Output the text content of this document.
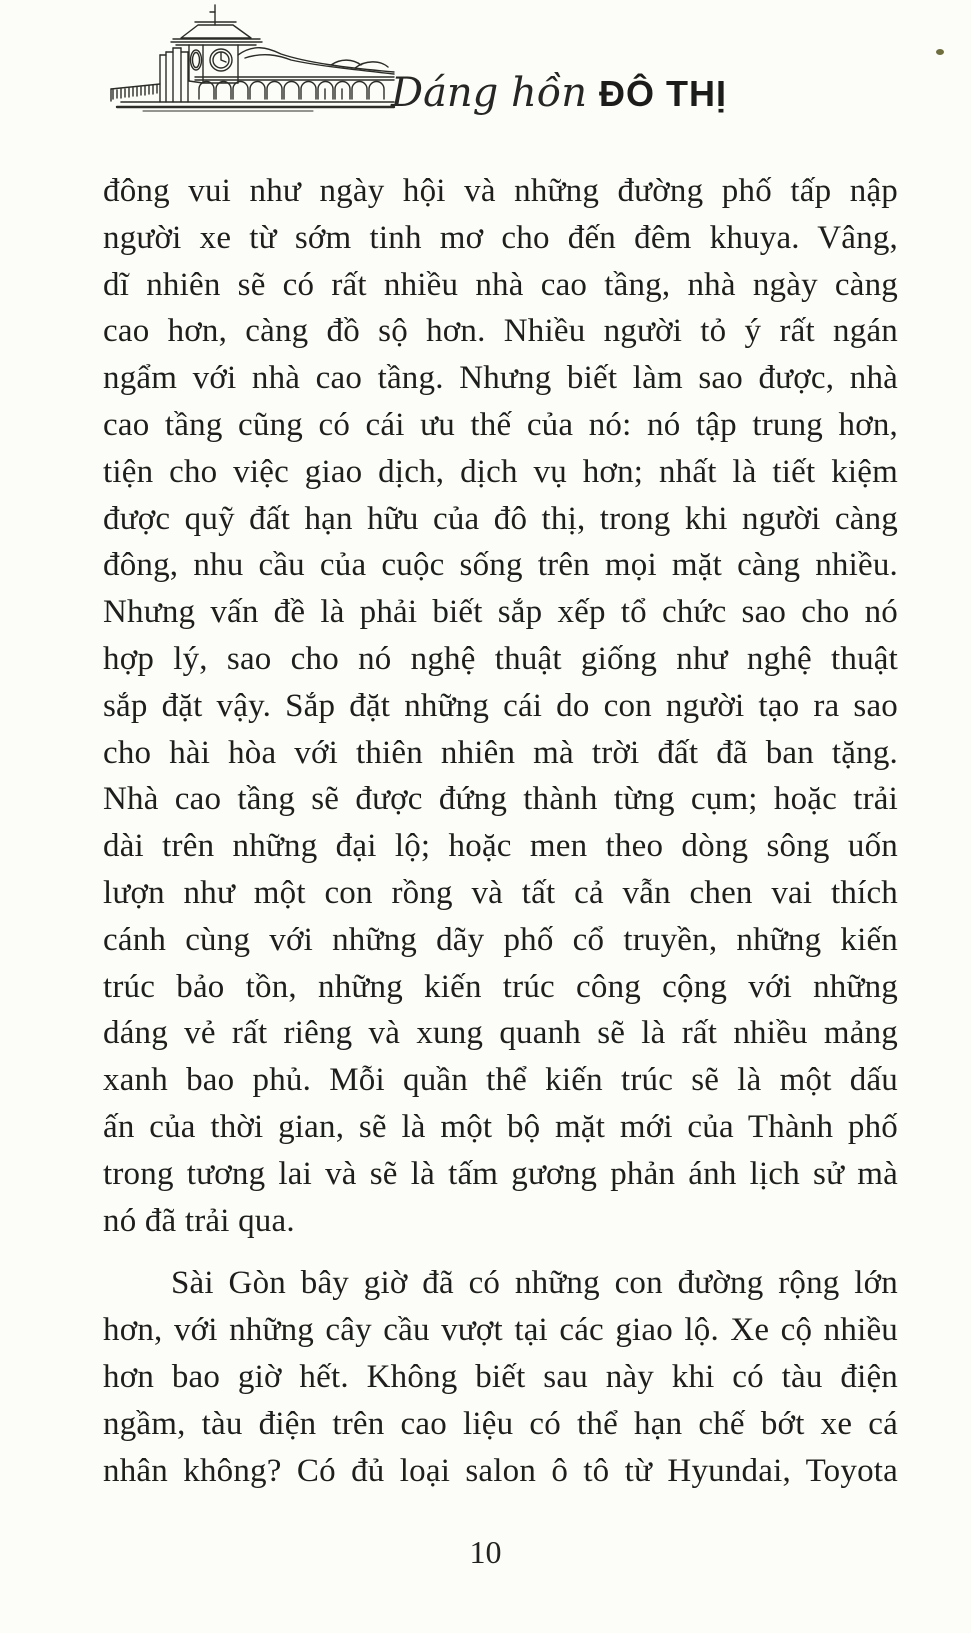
Dáng hồn ĐÔ THỊ
đông vui như ngày hội và những đường phố tấp nập
người xe từ sớm tinh mơ cho đến đêm khuya. Vâng,
dĩ nhiên sẽ có rất nhiều nhà cao tầng, nhà ngày càng
cao hơn, càng đồ sộ hơn. Nhiều người tỏ ý rất ngán
ngẩm với nhà cao tầng. Nhưng biết làm sao được, nhà
cao tầng cũng có cái ưu thế của nó: nó tập trung hơn,
tiện cho việc giao dịch, dịch vụ hơn; nhất là tiết kiệm
được quỹ đất hạn hữu của đô thị, trong khi người càng
đông, nhu cầu của cuộc sống trên mọi mặt càng nhiều.
Nhưng vấn đề là phải biết sắp xếp tổ chức sao cho nó
hợp lý, sao cho nó nghệ thuật giống như nghệ thuật
sắp đặt vậy. Sắp đặt những cái do con người tạo ra sao
cho hài hòa với thiên nhiên mà trời đất đã ban tặng.
Nhà cao tầng sẽ được đứng thành từng cụm; hoặc trải
dài trên những đại lộ; hoặc men theo dòng sông uốn
lượn như một con rồng và tất cả vẫn chen vai thích
cánh cùng với những dãy phố cổ truyền, những kiến
trúc bảo tồn, những kiến trúc công cộng với những
dáng vẻ rất riêng và xung quanh sẽ là rất nhiều mảng
xanh bao phủ. Mỗi quần thể kiến trúc sẽ là một dấu
ấn của thời gian, sẽ là một bộ mặt mới của Thành phố
trong tương lai và sẽ là tấm gương phản ánh lịch sử mà
nó đã trải qua.
Sài Gòn bây giờ đã có những con đường rộng lớn
hơn, với những cây cầu vượt tại các giao lộ. Xe cộ nhiều
hơn bao giờ hết. Không biết sau này khi có tàu điện
ngầm, tàu điện trên cao liệu có thể hạn chế bớt xe cá
nhân không? Có đủ loại salon ô tô từ Hyundai, Toyota
10
